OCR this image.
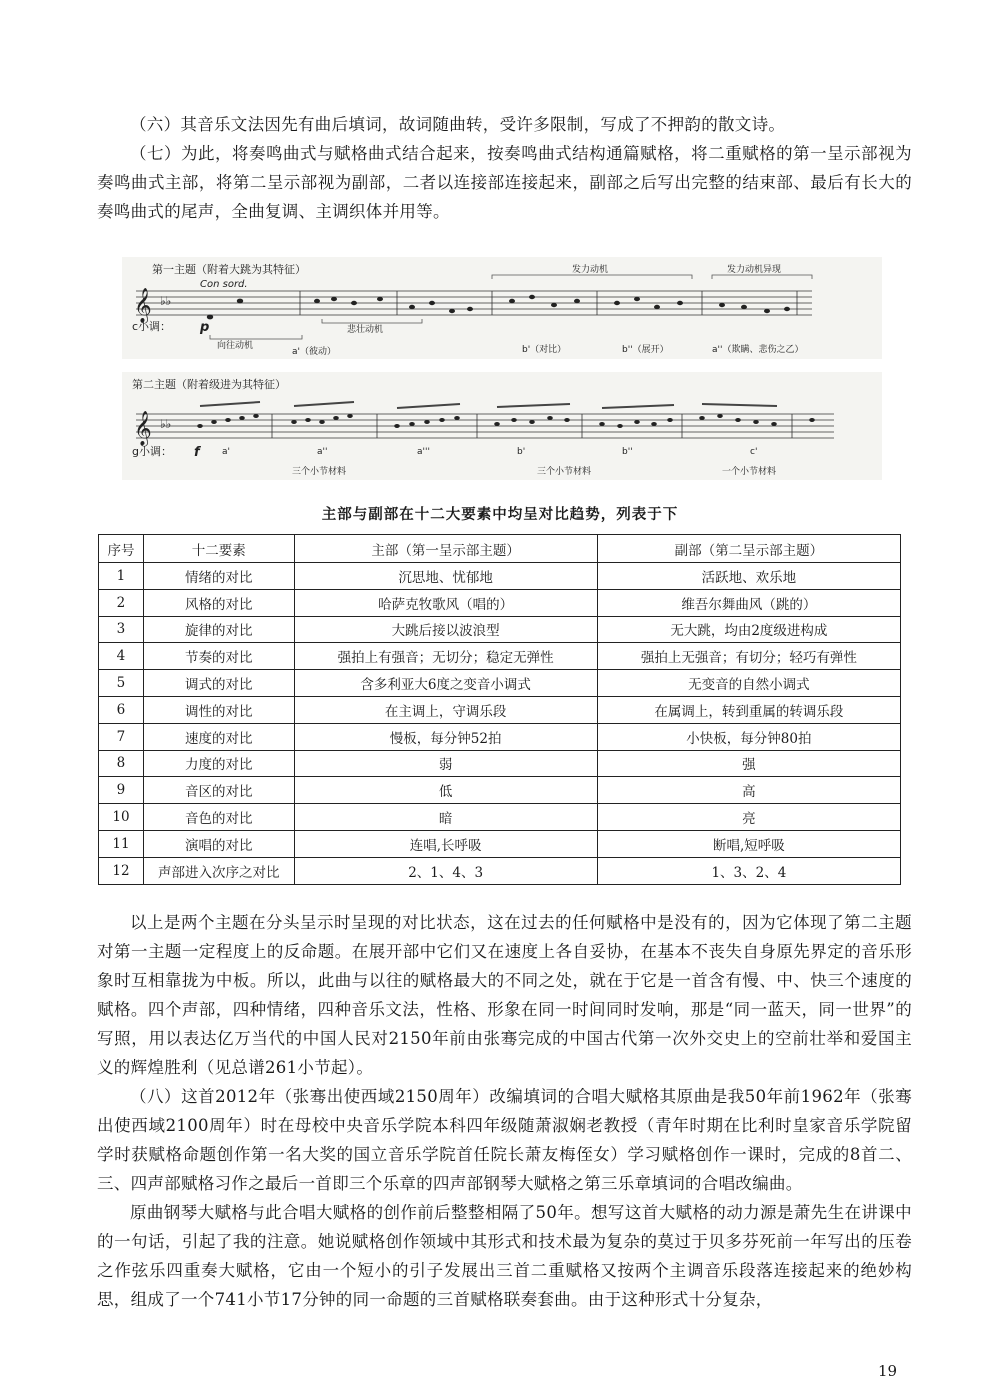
（六）其音乐文法因先有曲后填词，故词随曲转，受许多限制，写成了不押韵的散文诗。

（七）为此，将奏鸣曲式与赋格曲式结合起来，按奏鸣曲式结构通篇赋格，将二重赋格的第一呈示部视为奏鸣曲式主部，将第二呈示部视为副部，二者以连接部连接起来，副部之后写出完整的结束部、最后有长大的奏鸣曲式的尾声，全曲复调、主调织体并用等。

第一主题（附着大跳为其特征）
Con sord.
𝄞 ♭♭
发力动机	发力动机异现
悲壮动机
向往动机
c小调： p
a'（彼动）	b'（对比）	b''（展开）	a''（欺瞒、悲伤之乙）
第二主题（附着级进为其特征）
𝄞 ♭♭
g小调： f a'	a''	a'''	b'	b''	c'
三个小节材料	三个小节材料	一个小节材料
主部与副部在十二大要素中均呈对比趋势，列表于下
序号	十二要素	主部（第一呈示部主题）	副部（第二呈示部主题）
1	情绪的对比	沉思地、忧郁地	活跃地、欢乐地
2	风格的对比	哈萨克牧歌风（唱的）	维吾尔舞曲风（跳的）
3	旋律的对比	大跳后接以波浪型	无大跳，均由2度级进构成
4	节奏的对比	强拍上有强音；无切分；稳定无弹性	强拍上无强音；有切分；轻巧有弹性
5	调式的对比	含多利亚大6度之变音小调式	无变音的自然小调式
6	调性的对比	在主调上，守调乐段	在属调上，转到重属的转调乐段
7	速度的对比	慢板，每分钟52拍	小快板，每分钟80拍
8	力度的对比	弱	强
9	音区的对比	低	高
10	音色的对比	暗	亮
11	演唱的对比	连唱,长呼吸	断唱,短呼吸
12	声部进入次序之对比	2、1、4、3	1、3、2、4

以上是两个主题在分头呈示时呈现的对比状态，这在过去的任何赋格中是没有的，因为它体现了第二主题对第一主题一定程度上的反命题。在展开部中它们又在速度上各自妥协，在基本不丧失自身原先界定的音乐形象时互相靠拢为中板。所以，此曲与以往的赋格最大的不同之处，就在于它是一首含有慢、中、快三个速度的赋格。四个声部，四种情绪，四种音乐文法，性格、形象在同一时间同时发响，那是“同一蓝天，同一世界”的写照，用以表达亿万当代的中国人民对2150年前由张骞完成的中国古代第一次外交史上的空前壮举和爱国主义的辉煌胜利（见总谱261小节起）。

（八）这首2012年（张骞出使西域2150周年）改编填词的合唱大赋格其原曲是我50年前1962年（张骞出使西域2100周年）时在母校中央音乐学院本科四年级随萧淑娴老教授（青年时期在比利时皇家音乐学院留学时获赋格命题创作第一名大奖的国立音乐学院首任院长萧友梅侄女）学习赋格创作一课时，完成的8首二、三、四声部赋格习作之最后一首即三个乐章的四声部钢琴大赋格之第三乐章填词的合唱改编曲。

原曲钢琴大赋格与此合唱大赋格的创作前后整整相隔了50年。想写这首大赋格的动力源是萧先生在讲课中的一句话，引起了我的注意。她说赋格创作领域中其形式和技术最为复杂的莫过于贝多芬死前一年写出的压卷之作弦乐四重奏大赋格，它由一个短小的引子发展出三首二重赋格又按两个主调音乐段落连接起来的绝妙构思，组成了一个741小节17分钟的同一命题的三首赋格联奏套曲。由于这种形式十分复杂，

19
